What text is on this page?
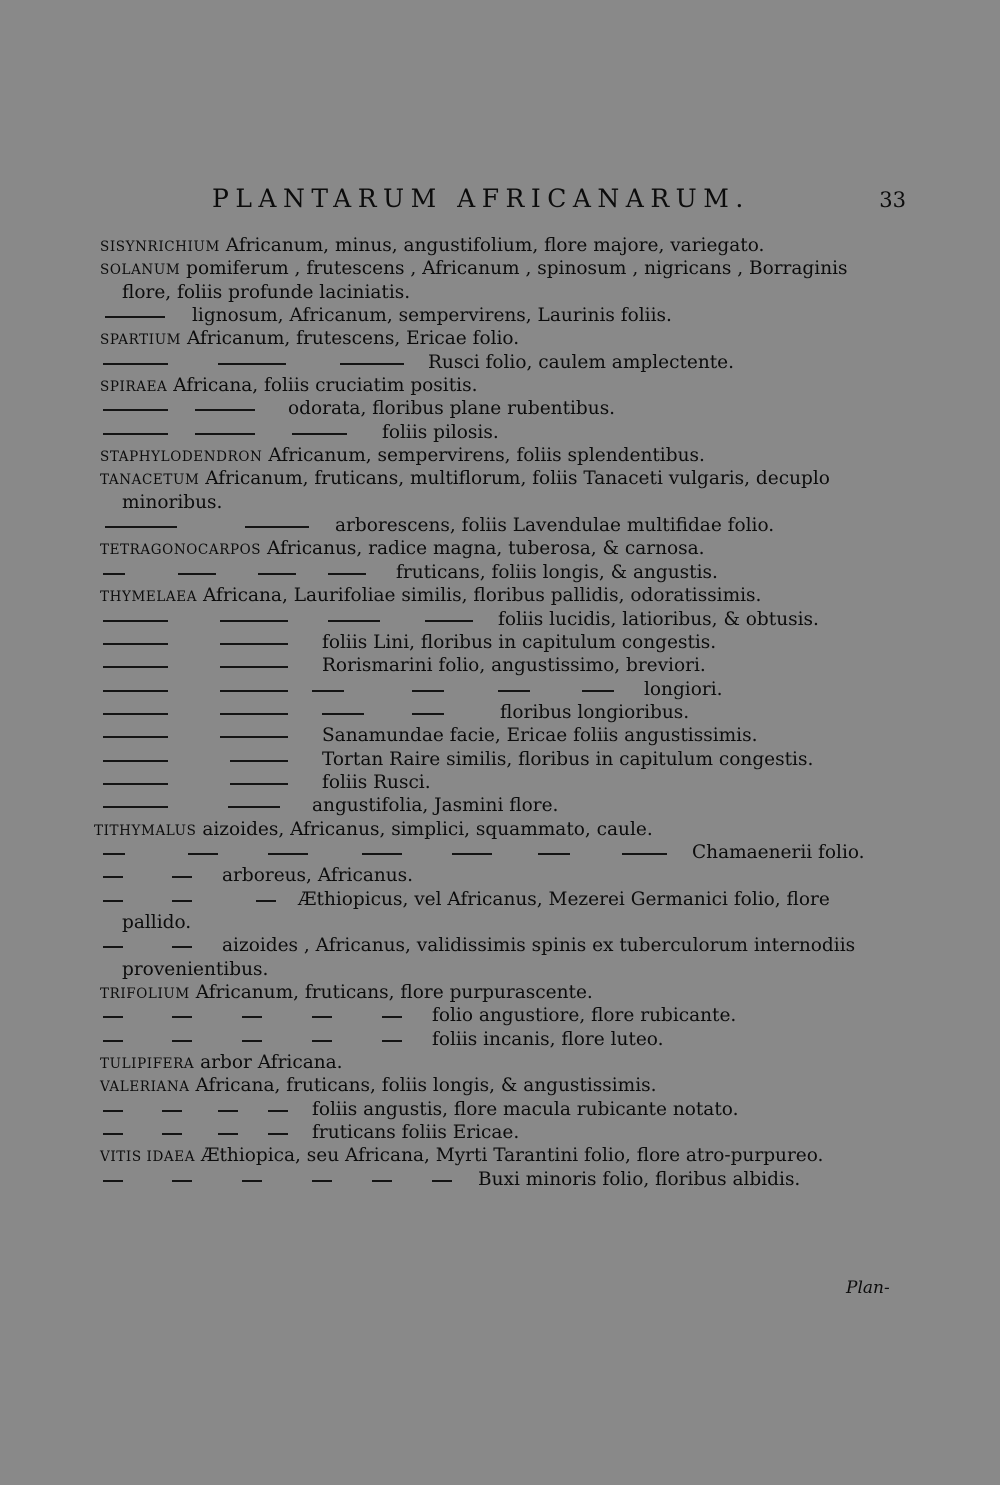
PLANTARUM AFRICANARUM.	33
SISYNRICHIUM Africanum, minus, angustifolium, flore majore, variegato.
SOLANUM pomiferum , frutescens , Africanum , spinosum , nigricans , Borraginis
flore, foliis profunde laciniatis.
lignosum, Africanum, sempervirens, Laurinis foliis.
SPARTIUM Africanum, frutescens, Ericae folio.
Rusci folio, caulem amplectente.
SPIRAEA Africana, foliis cruciatim positis.
odorata, floribus plane rubentibus.
foliis pilosis.
STAPHYLODENDRON Africanum, sempervirens, foliis splendentibus.
TANACETUM Africanum, fruticans, multiflorum, foliis Tanaceti vulgaris, decuplo
minoribus.
arborescens, foliis Lavendulae multifidae folio.
TETRAGONOCARPOS Africanus, radice magna, tuberosa, & carnosa.
fruticans, foliis longis, & angustis.
THYMELAEA Africana, Laurifoliae similis, floribus pallidis, odoratissimis.
foliis lucidis, latioribus, & obtusis.
foliis Lini, floribus in capitulum congestis.
Rorismarini folio, angustissimo, breviori.
longiori.
floribus longioribus.
Sanamundae facie, Ericae foliis angustissimis.
Tortan Raire similis, floribus in capitulum congestis.
foliis Rusci.
angustifolia, Jasmini flore.
TITHYMALUS aizoides, Africanus, simplici, squammato, caule.
Chamaenerii folio.
arboreus, Africanus.
Æthiopicus, vel Africanus, Mezerei Germanici folio, flore
pallido.
aizoides , Africanus, validissimis spinis ex tuberculorum internodiis
provenientibus.
TRIFOLIUM Africanum, fruticans, flore purpurascente.
folio angustiore, flore rubicante.
foliis incanis, flore luteo.
TULIPIFERA arbor Africana.
VALERIANA Africana, fruticans, foliis longis, & angustissimis.
foliis angustis, flore macula rubicante notato.
fruticans foliis Ericae.
VITIS IDAEA Æthiopica, seu Africana, Myrti Tarantini folio, flore atro-purpureo.
Buxi minoris folio, floribus albidis.
Plan-
